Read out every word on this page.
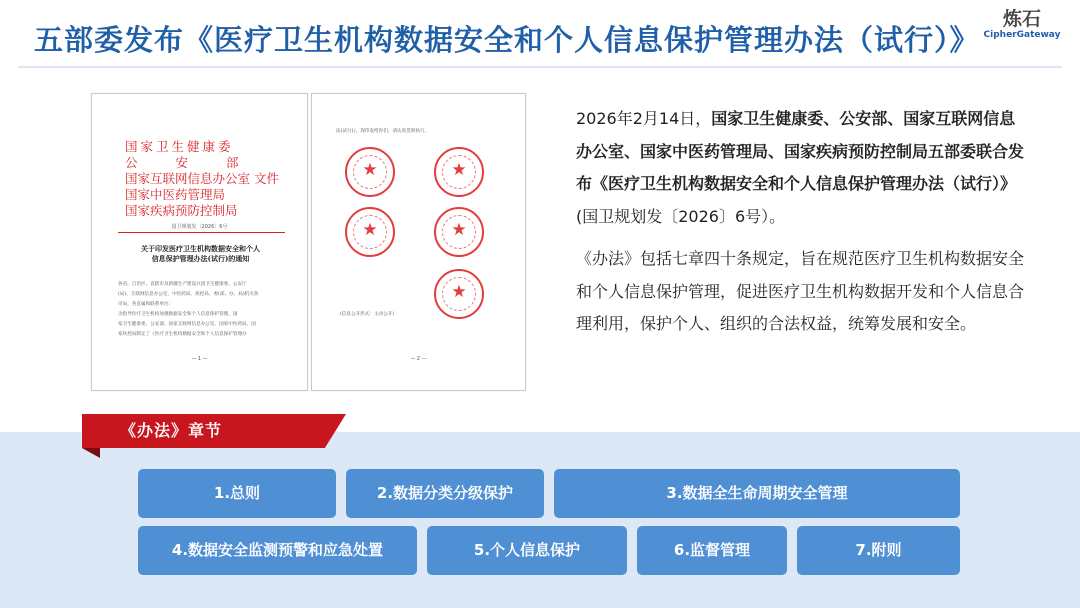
五部委发布《医疗卫生机构数据安全和个人信息保护管理办法（试行）》
炼石
CipherGateway
国家卫生健康委
公	安	部
国家互联网信息办公室 文件
国家中医药管理局
国家疾病预防控制局
国卫规划发〔2026〕6号
关于印发医疗卫生机构数据安全和个人
信息保护管理办法(试行)的通知

各省、自治区、直辖市及新疆生产建设兵团卫生健康委、公安厅

(局)、互联网信息办公室、中医药局、疾控局，委(部、办、局)机关各

司局，各直属和联系单位：

为指导医疗卫生机构加强数据安全和个人信息保护管理，国

家卫生健康委、公安部、国家互联网信息办公室、国家中医药局、国

家疾控局制定了《医疗卫生机构数据安全和个人信息保护管理办

— 1 —
法(试行)》，现印发给你们，请认真贯彻执行。
★
★
★
★
★
(信息公开形式：主动公开)
— 2 —

2026年2月14日，国家卫生健康委、公安部、国家互联网信息办公室、国家中医药管理局、国家疾病预防控制局五部委联合发布《医疗卫生机构数据安全和个人信息保护管理办法（试行）》(国卫规划发〔2026〕6号）。

《办法》包括七章四十条规定，旨在规范医疗卫生机构数据安全和个人信息保护管理，促进医疗卫生机构数据开发和个人信息合理利用，保护个人、组织的合法权益，统筹发展和安全。

《办法》章节
1.总则	2.数据分类分级保护	3.数据全生命周期安全管理
4.数据安全监测预警和应急处置	5.个人信息保护	6.监督管理	7.附则
